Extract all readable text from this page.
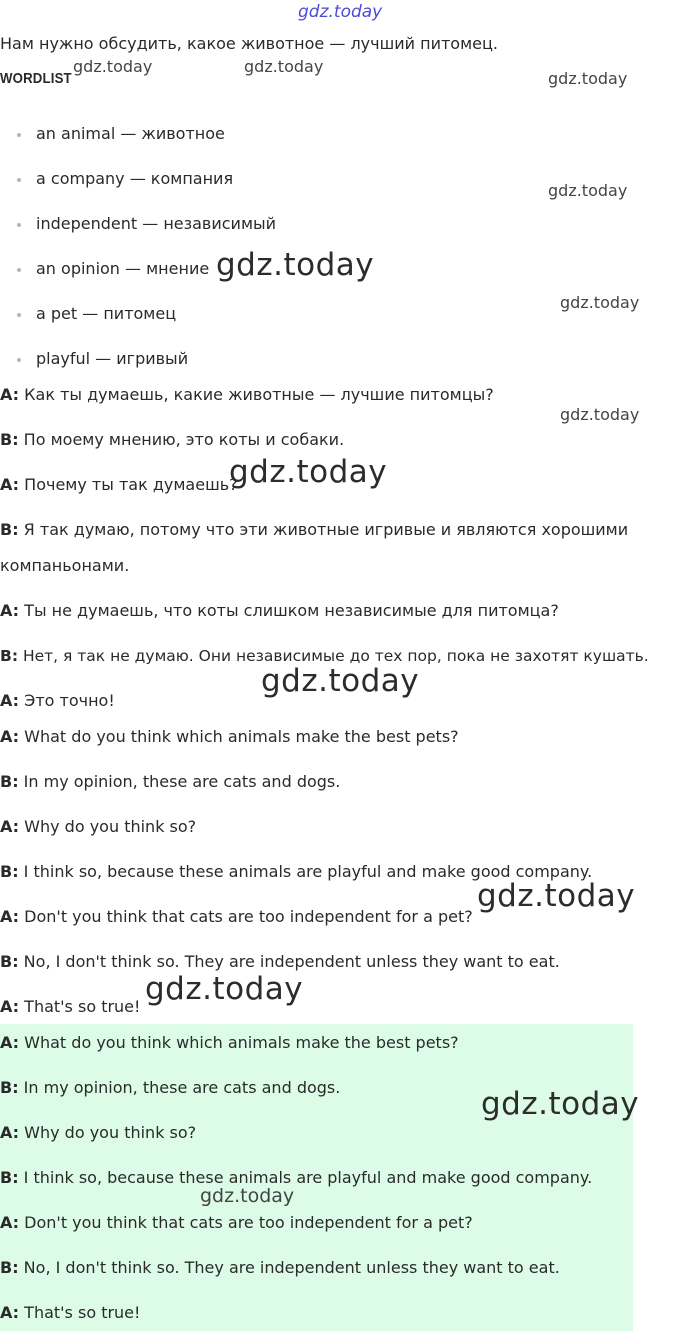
gdz.today
Нам нужно обсудить, какое животное — лучший питомец.
WORDLIST
an animal — животное
a company — компания
independent — независимый
an opinion — мнение
a pet — питомец
playful — игривый
A: Как ты думаешь, какие животные — лучшие питомцы?
B: По моему мнению, это коты и собаки.
A: Почему ты так думаешь?
B: Я так думаю, потому что эти животные игривые и являются хорошими
компаньонами.
A: Ты не думаешь, что коты слишком независимые для питомца?
B: Нет, я так не думаю. Они независимые до тех пор, пока не захотят кушать.
A: Это точно!
A: What do you think which animals make the best pets?
B: In my opinion, these are cats and dogs.
A: Why do you think so?
B: I think so, because these animals are playful and make good company.
A: Don't you think that cats are too independent for a pet?
B: No, I don't think so. They are independent unless they want to eat.
A: That's so true!
A: What do you think which animals make the best pets?
B: In my opinion, these are cats and dogs.
A: Why do you think so?
B: I think so, because these animals are playful and make good company.
A: Don't you think that cats are too independent for a pet?
B: No, I don't think so. They are independent unless they want to eat.
A: That's so true!
gdz.today	gdz.today
gdz.today
gdz.today
gdz.today
gdz.today
gdz.today
gdz.today
gdz.today
gdz.today
gdz.today
gdz.today
gdz.today
